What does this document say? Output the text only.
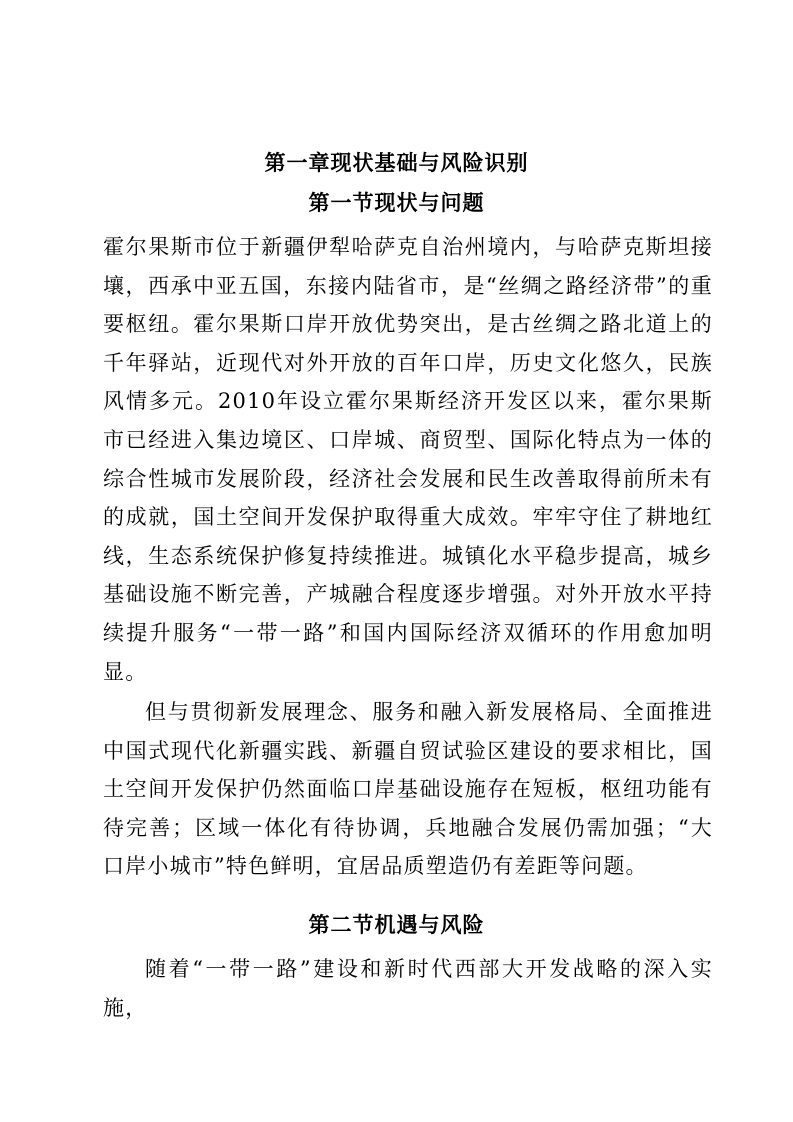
第一章现状基础与风险识别
第一节现状与问题

霍尔果斯市位于新疆伊犁哈萨克自治州境内，与哈萨克斯坦接壤，西承中亚五国，东接内陆省市，是“丝绸之路经济带”的重要枢纽。霍尔果斯口岸开放优势突出，是古丝绸之路北道上的千年驿站，近现代对外开放的百年口岸，历史文化悠久，民族风情多元。2010年设立霍尔果斯经济开发区以来，霍尔果斯市已经进入集边境区、口岸城、商贸型、国际化特点为一体的综合性城市发展阶段，经济社会发展和民生改善取得前所未有的成就，国土空间开发保护取得重大成效。牢牢守住了耕地红线，生态系统保护修复持续推进。城镇化水平稳步提高，城乡基础设施不断完善，产城融合程度逐步增强。对外开放水平持续提升服务“一带一路”和国内国际经济双循环的作用愈加明显。

但与贯彻新发展理念、服务和融入新发展格局、全面推进中国式现代化新疆实践、新疆自贸试验区建设的要求相比，国土空间开发保护仍然面临口岸基础设施存在短板，枢纽功能有待完善；区域一体化有待协调，兵地融合发展仍需加强；“大口岸小城市”特色鲜明，宜居品质塑造仍有差距等问题。

第二节机遇与风险

随着“一带一路”建设和新时代西部大开发战略的深入实施，
